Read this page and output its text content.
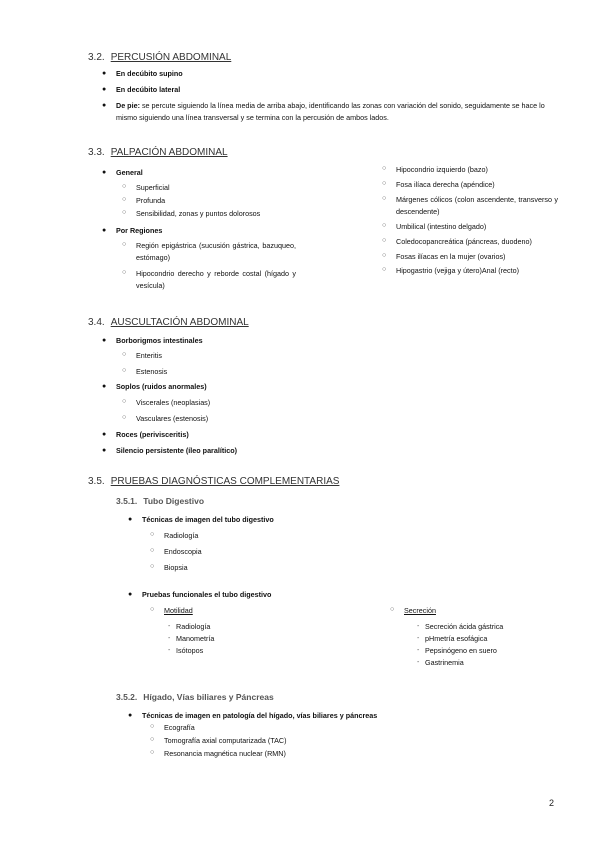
3.2. PERCUSIÓN ABDOMINAL
● En decúbito supino
● En decúbito lateral
● De pie: se percute siguiendo la línea media de arriba abajo, identificando las zonas con variación del sonido, seguidamente se hace lo mismo siguiendo una línea transversal y se termina con la percusión de ambos lados.
3.3. PALPACIÓN ABDOMINAL
● General
○ Superficial
○ Profunda
○ Sensibilidad, zonas y puntos dolorosos
● Por Regiones
○ Región epigástrica (sucusión gástrica, bazuqueo, estómago)
○ Hipocondrio derecho y reborde costal (hígado y vesícula)
○ Hipocondrio izquierdo (bazo)
○ Fosa ilíaca derecha (apéndice)
○ Márgenes cólicos (colon ascendente, transverso y descendente)
○ Umbilical (intestino delgado)
○ Coledocopancreática (páncreas, duodeno)
○ Fosas ilíacas en la mujer (ovarios)
○ Hipogastrio (vejiga y útero)Anal (recto)
3.4. AUSCULTACIÓN ABDOMINAL
● Borborigmos intestinales
○ Enteritis
○ Estenosis
● Soplos (ruidos anormales)
○ Viscerales (neoplasias)
○ Vasculares (estenosis)
● Roces (perivisceritis)
● Silencio persistente (íleo paralítico)
3.5. PRUEBAS DIAGNÓSTICAS COMPLEMENTARIAS
3.5.1. Tubo Digestivo
● Técnicas de imagen del tubo digestivo
○ Radiología
○ Endoscopia
○ Biopsia
● Pruebas funcionales el tubo digestivo
○ Motilidad
- Radiología
- Manometría
- Isótopos
○ Secreción
- Secreción ácida gástrica
- pHmetría esofágica
- Pepsinógeno en suero
- Gastrinemia
3.5.2. Hígado, Vías biliares y Páncreas
● Técnicas de imagen en patología del hígado, vías biliares y páncreas
○ Ecografía
○ Tomografía axial computarizada (TAC)
○ Resonancia magnética nuclear (RMN)
2
